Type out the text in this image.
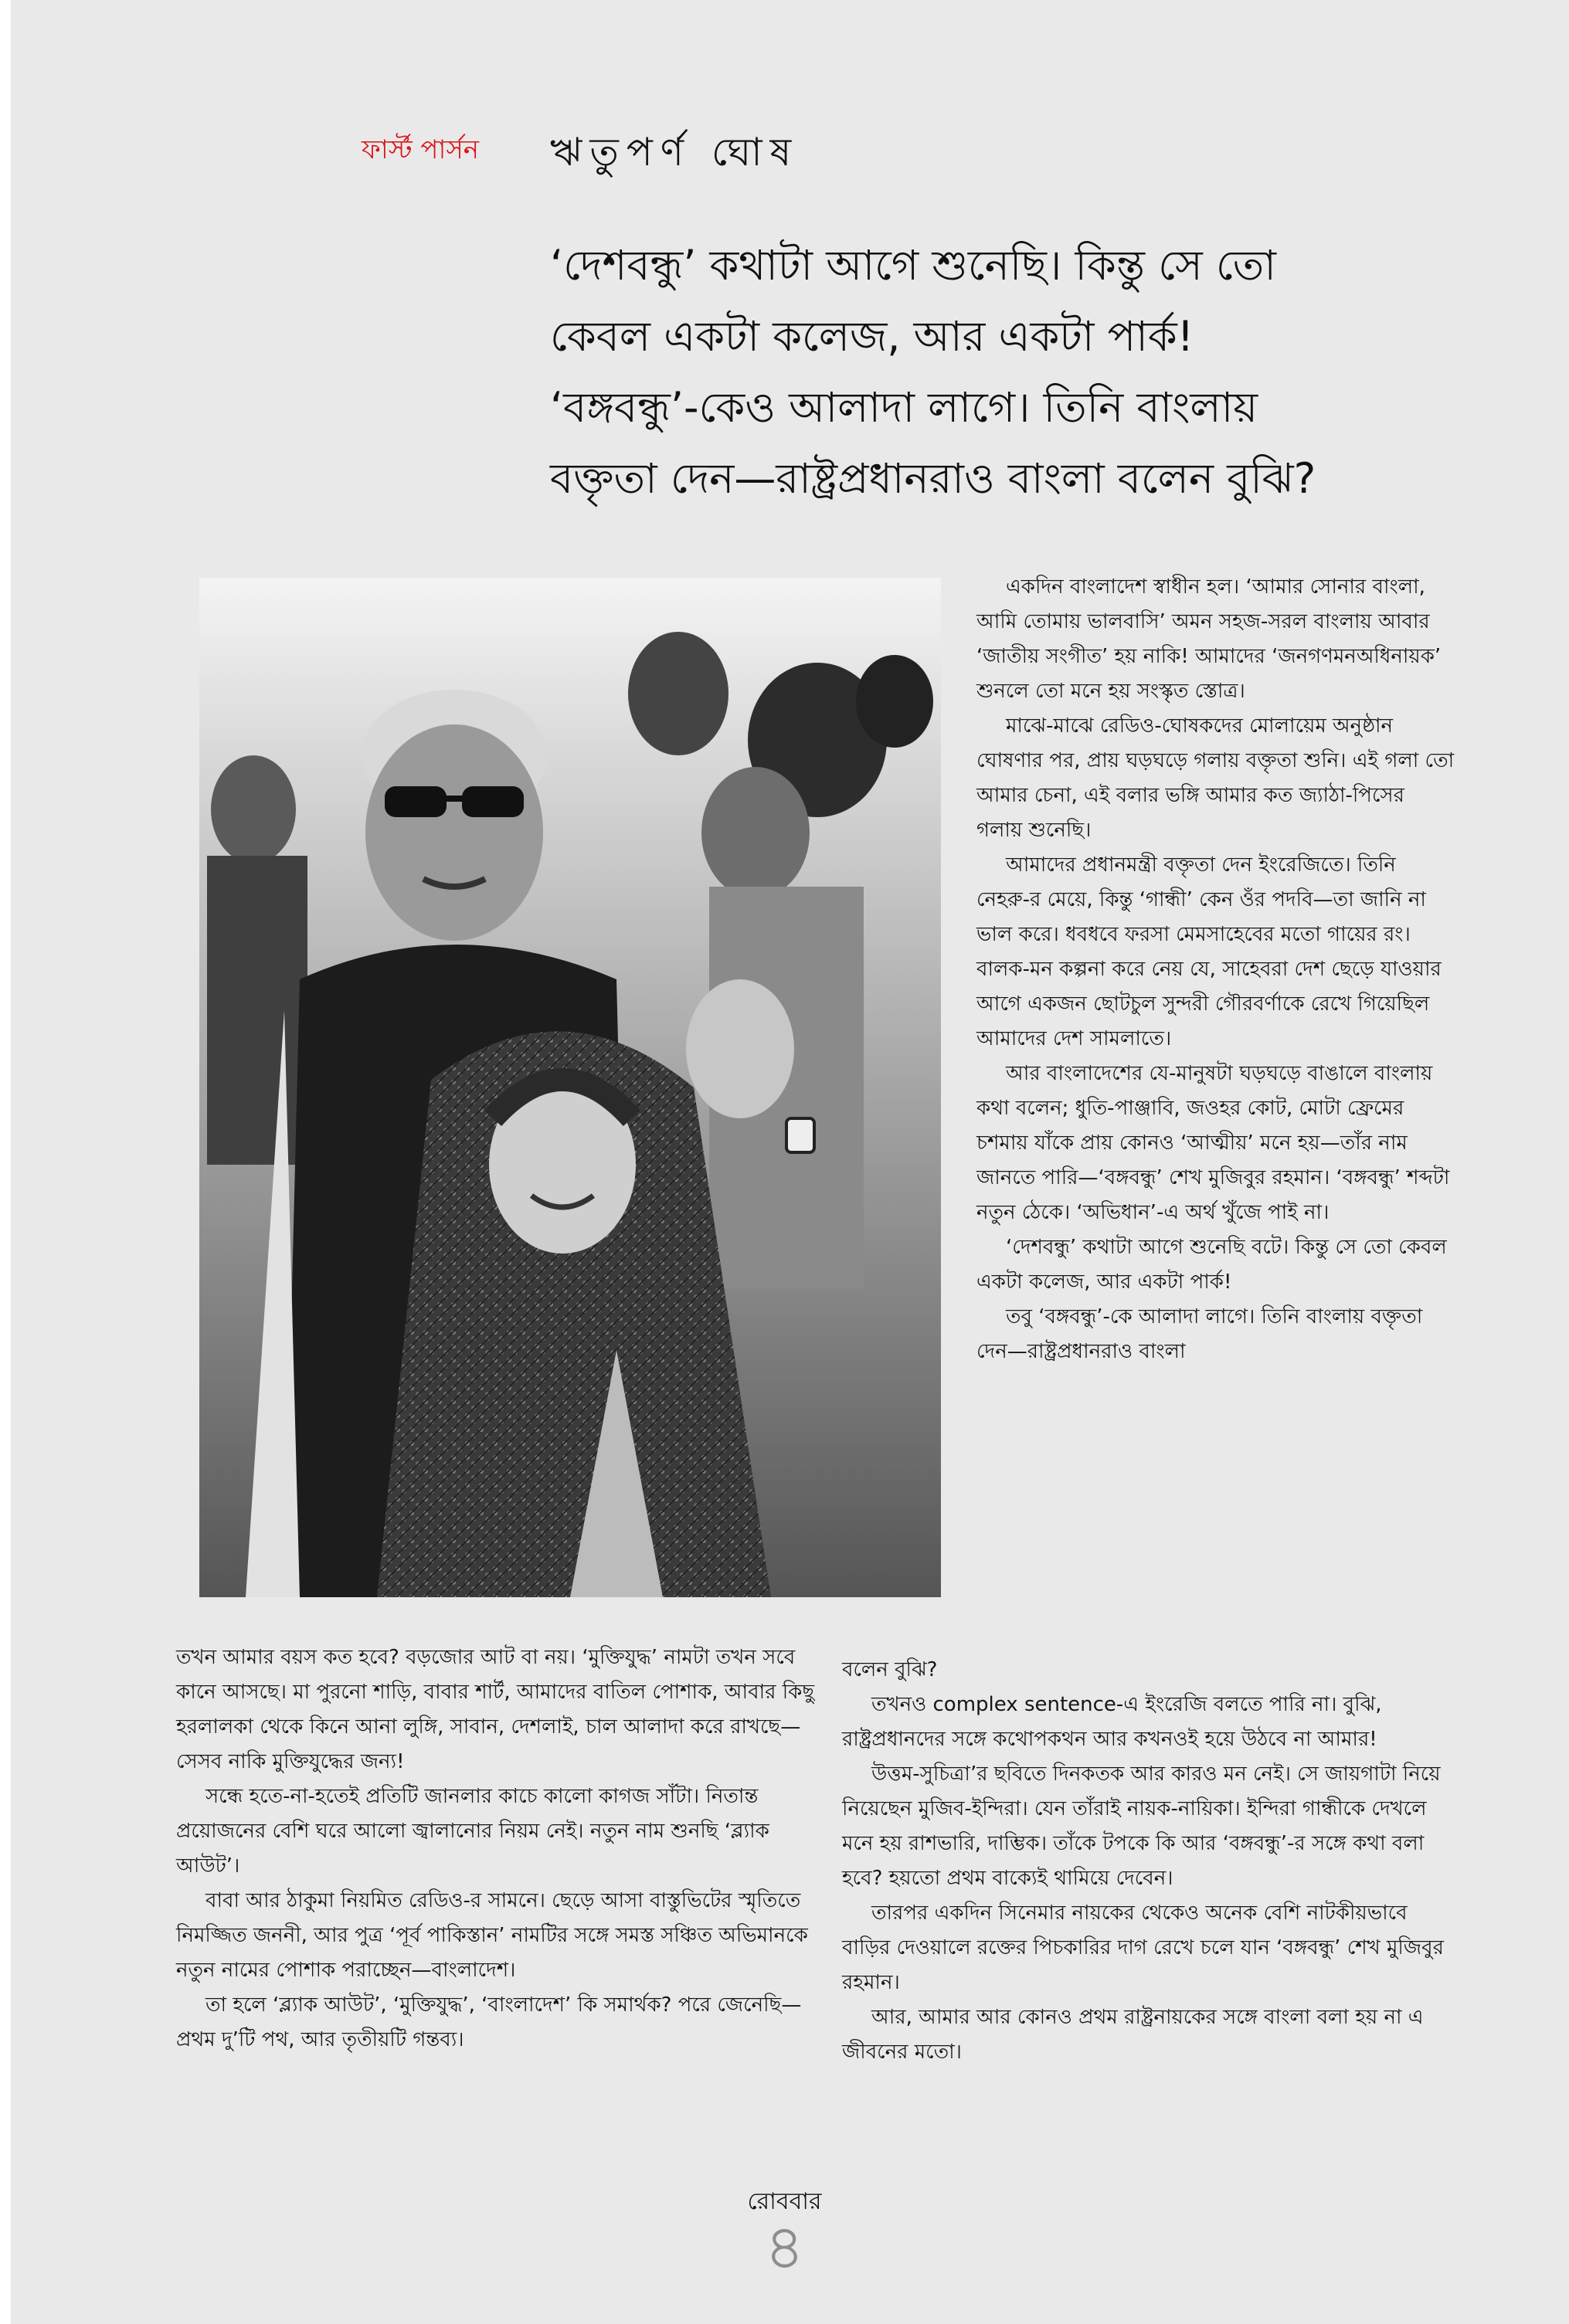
ফার্স্ট পার্সন ঋতুপর্ণ ঘোষ
‘দেশবন্ধু’ কথাটা আগে শুনেছি। কিন্তু সে তো
কেবল একটা কলেজ, আর একটা পার্ক!
‘বঙ্গবন্ধু’-কেও আলাদা লাগে। তিনি বাংলায়
বক্তৃতা দেন—রাষ্ট্রপ্রধানরাও বাংলা বলেন বুঝি?

একদিন বাংলাদেশ স্বাধীন হল। ‘আমার সোনার বাংলা, আমি তোমায় ভালবাসি’ অমন সহজ-সরল বাংলায় আবার ‘জাতীয় সংগীত’ হয় নাকি! আমাদের ‘জনগণমনঅধিনায়ক’ শুনলে তো মনে হয় সংস্কৃত স্তোত্র।

মাঝে-মাঝে রেডিও-ঘোষকদের মোলায়েম অনুষ্ঠান ঘোষণার পর, প্রায় ঘড়ঘড়ে গলায় বক্তৃতা শুনি। এই গলা তো আমার চেনা, এই বলার ভঙ্গি আমার কত জ্যাঠা-পিসের গলায় শুনেছি।

আমাদের প্রধানমন্ত্রী বক্তৃতা দেন ইংরেজিতে। তিনি নেহরু-র মেয়ে, কিন্তু ‘গান্ধী’ কেন ওঁর পদবি—তা জানি না ভাল করে। ধবধবে ফরসা মেমসাহেবের মতো গায়ের রং। বালক-মন কল্পনা করে নেয় যে, সাহেবরা দেশ ছেড়ে যাওয়ার আগে একজন ছোটচুল সুন্দরী গৌরবর্ণাকে রেখে গিয়েছিল আমাদের দেশ সামলাতে।

আর বাংলাদেশের যে-মানুষটা ঘড়ঘড়ে বাঙালে বাংলায় কথা বলেন; ধুতি-পাঞ্জাবি, জওহর কোট, মোটা ফ্রেমের চশমায় যাঁকে প্রায় কোনও ‘আত্মীয়’ মনে হয়—তাঁর নাম জানতে পারি—‘বঙ্গবন্ধু’ শেখ মুজিবুর রহমান। ‘বঙ্গবন্ধু’ শব্দটা নতুন ঠেকে। ‘অভিধান’-এ অর্থ খুঁজে পাই না।

‘দেশবন্ধু’ কথাটা আগে শুনেছি বটে। কিন্তু সে তো কেবল একটা কলেজ, আর একটা পার্ক!

তবু ‘বঙ্গবন্ধু’-কে আলাদা লাগে। তিনি বাংলায় বক্তৃতা দেন—রাষ্ট্রপ্রধানরাও বাংলা

তখন আমার বয়স কত হবে? বড়জোর আট বা নয়। ‘মুক্তিযুদ্ধ’ নামটা তখন সবে কানে আসছে। মা পুরনো শাড়ি, বাবার শার্ট, আমাদের বাতিল পোশাক, আবার কিছু হরলালকা থেকে কিনে আনা লুঙ্গি, সাবান, দেশলাই, চাল আলাদা করে রাখছে—সেসব নাকি মুক্তিযুদ্ধের জন্য!

সন্ধে হতে-না-হতেই প্রতিটি জানলার কাচে কালো কাগজ সাঁটা। নিতান্ত প্রয়োজনের বেশি ঘরে আলো জ্বালানোর নিয়ম নেই। নতুন নাম শুনছি ‘ব্ল্যাক আউট’।

বাবা আর ঠাকুমা নিয়মিত রেডিও-র সামনে। ছেড়ে আসা বাস্তুভিটের স্মৃতিতে নিমজ্জিত জননী, আর পুত্র ‘পূর্ব পাকিস্তান’ নামটির সঙ্গে সমস্ত সঞ্চিত অভিমানকে নতুন নামের পোশাক পরাচ্ছেন—বাংলাদেশ।

তা হলে ‘ব্ল্যাক আউট’, ‘মুক্তিযুদ্ধ’, ‘বাংলাদেশ’ কি সমার্থক? পরে জেনেছি—প্রথম দু’টি পথ, আর তৃতীয়টি গন্তব্য।

বলেন বুঝি?

তখনও complex sentence-এ ইংরেজি বলতে পারি না। বুঝি, রাষ্ট্রপ্রধানদের সঙ্গে কথোপকথন আর কখনওই হয়ে উঠবে না আমার!

উত্তম-সুচিত্রা’র ছবিতে দিনকতক আর কারও মন নেই। সে জায়গাটা নিয়ে নিয়েছেন মুজিব-ইন্দিরা। যেন তাঁরাই নায়ক-নায়িকা। ইন্দিরা গান্ধীকে দেখলে মনে হয় রাশভারি, দাম্ভিক। তাঁকে টপকে কি আর ‘বঙ্গবন্ধু’-র সঙ্গে কথা বলা হবে? হয়তো প্রথম বাক্যেই থামিয়ে দেবেন।

তারপর একদিন সিনেমার নায়কের থেকেও অনেক বেশি নাটকীয়ভাবে বাড়ির দেওয়ালে রক্তের পিচকারির দাগ রেখে চলে যান ‘বঙ্গবন্ধু’ শেখ মুজিবুর রহমান।

আর, আমার আর কোনও প্রথম রাষ্ট্রনায়কের সঙ্গে বাংলা বলা হয় না এ জীবনের মতো।

রোববার
৪
